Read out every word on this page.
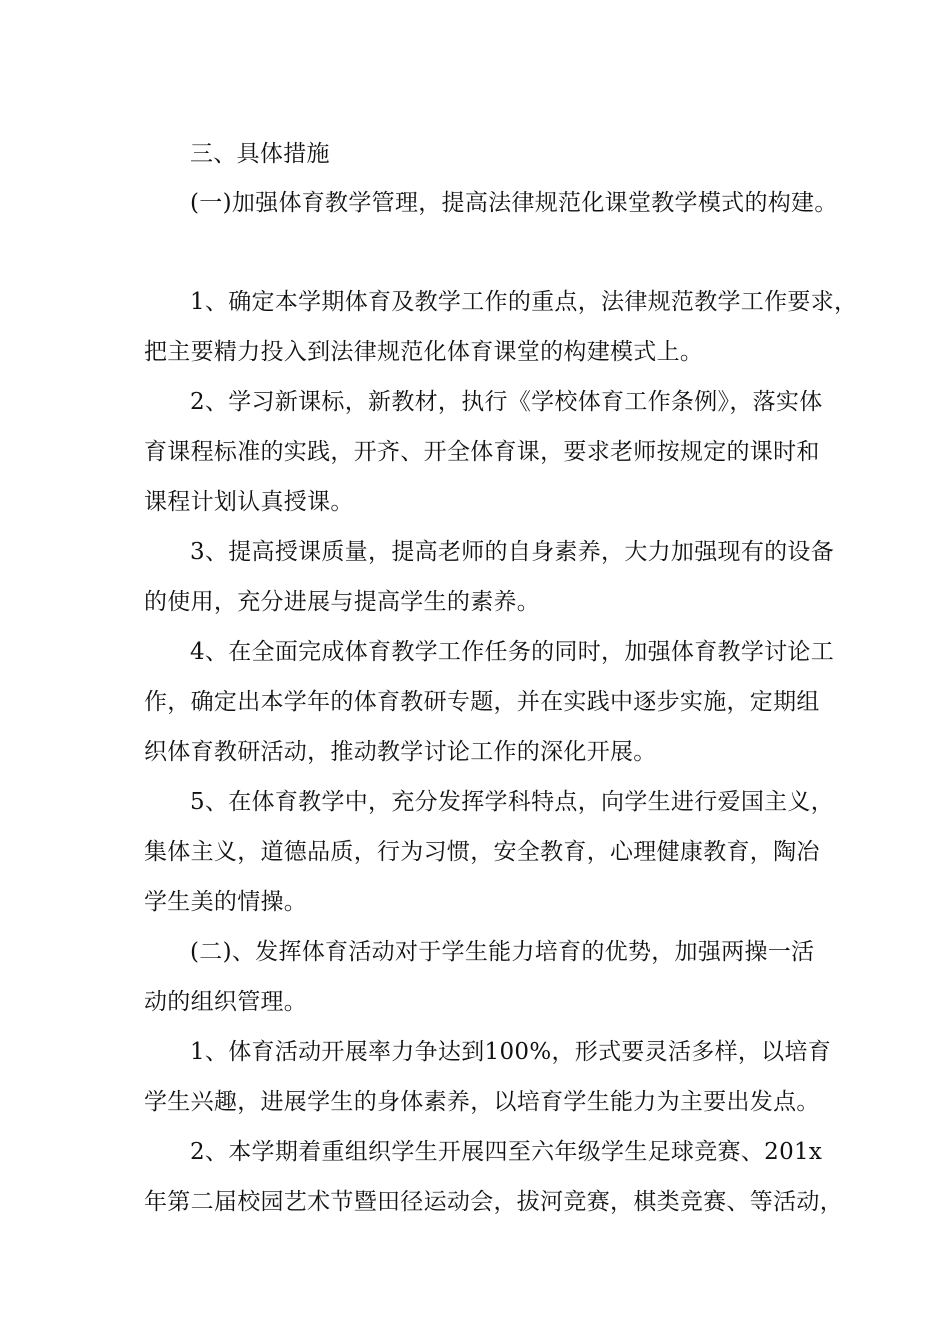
三、具体措施
(一)加强体育教学管理，提高法律规范化课堂教学模式的构建。
1、确定本学期体育及教学工作的重点，法律规范教学工作要求，
把主要精力投入到法律规范化体育课堂的构建模式上。
2、学习新课标，新教材，执行《学校体育工作条例》，落实体
育课程标准的实践，开齐、开全体育课，要求老师按规定的课时和
课程计划认真授课。
3、提高授课质量，提高老师的自身素养，大力加强现有的设备
的使用，充分进展与提高学生的素养。
4、在全面完成体育教学工作任务的同时，加强体育教学讨论工
作，确定出本学年的体育教研专题，并在实践中逐步实施，定期组
织体育教研活动，推动教学讨论工作的深化开展。
5、在体育教学中，充分发挥学科特点，向学生进行爱国主义，
集体主义，道德品质，行为习惯，安全教育，心理健康教育，陶冶
学生美的情操。
(二)、发挥体育活动对于学生能力培育的优势，加强两操一活
动的组织管理。
1、体育活动开展率力争达到100%，形式要灵活多样，以培育
学生兴趣，进展学生的身体素养，以培育学生能力为主要出发点。
2、本学期着重组织学生开展四至六年级学生足球竞赛、201x
年第二届校园艺术节暨田径运动会，拔河竞赛，棋类竞赛、等活动，
